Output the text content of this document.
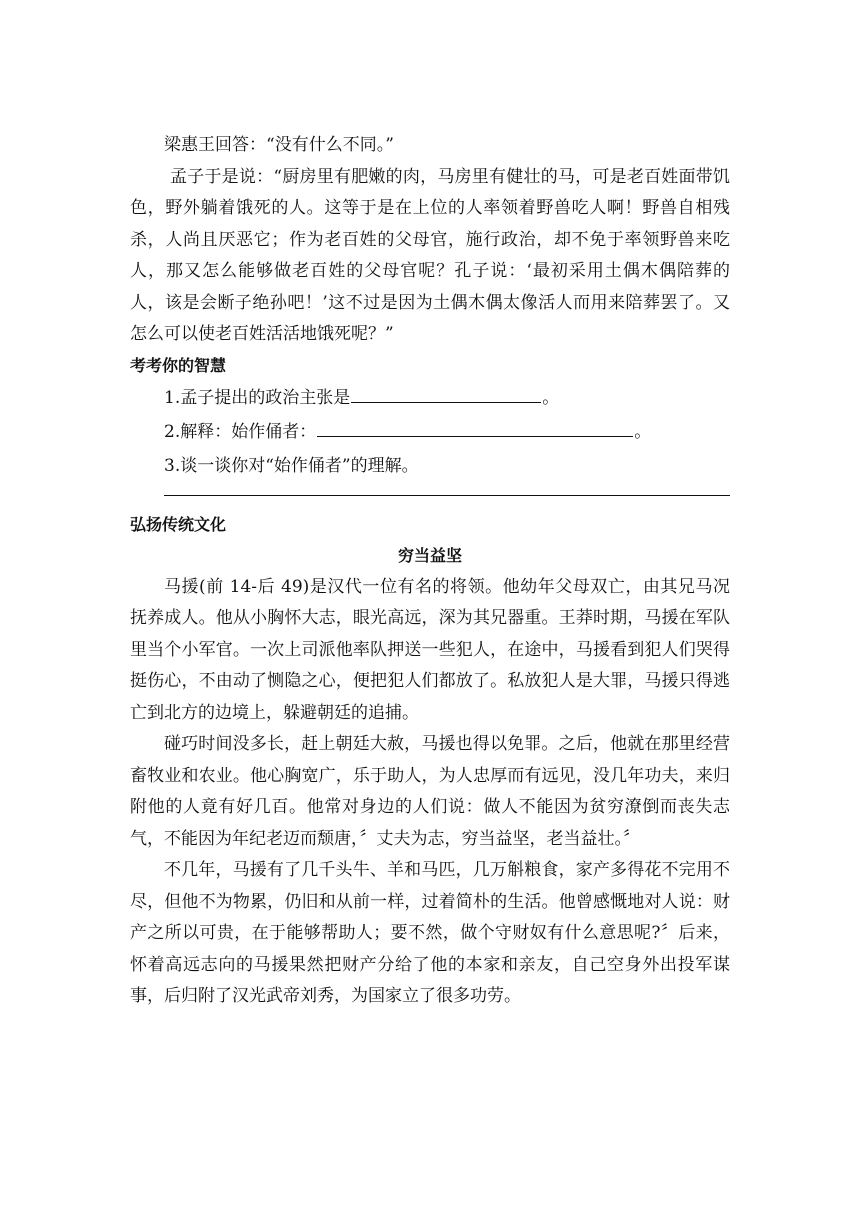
梁惠王回答：“没有什么不同。”

孟子于是说：“厨房里有肥嫩的肉，马房里有健壮的马，可是老百姓面带饥色，野外躺着饿死的人。这等于是在上位的人率领着野兽吃人啊！野兽自相残杀，人尚且厌恶它；作为老百姓的父母官，施行政治，却不免于率领野兽来吃人，那又怎么能够做老百姓的父母官呢？孔子说：‘最初采用土偶木偶陪葬的人，该是会断子绝孙吧！’这不过是因为土偶木偶太像活人而用来陪葬罢了。又怎么可以使老百姓活活地饿死呢？”

考考你的智慧

1.孟子提出的政治主张是	。

2.解释：始作俑者：	。

3.谈一谈你对“始作俑者”的理解。

弘扬传统文化

穷当益坚

马援(前 14-后 49)是汉代一位有名的将领。他幼年父母双亡，由其兄马况抚养成人。他从小胸怀大志，眼光高远，深为其兄器重。王莽时期，马援在军队里当个小军官。一次上司派他率队押送一些犯人，在途中，马援看到犯人们哭得挺伤心，不由动了恻隐之心，便把犯人们都放了。私放犯人是大罪，马援只得逃亡到北方的边境上，躲避朝廷的追捕。

碰巧时间没多长，赶上朝廷大赦，马援也得以免罪。之后，他就在那里经营畜牧业和农业。他心胸宽广，乐于助人，为人忠厚而有远见，没几年功夫，来归附他的人竟有好几百。他常对身边的人们说：做人不能因为贫穷潦倒而丧失志气，不能因为年纪老迈而颓唐，〞丈夫为志，穷当益坚，老当益壮。〞

不几年，马援有了几千头牛、羊和马匹，几万斛粮食，家产多得花不完用不尽，但他不为物累，仍旧和从前一样，过着简朴的生活。他曾感慨地对人说：财产之所以可贵，在于能够帮助人；要不然，做个守财奴有什么意思呢?〞后来，怀着高远志向的马援果然把财产分给了他的本家和亲友，自己空身外出投军谋事，后归附了汉光武帝刘秀，为国家立了很多功劳。
